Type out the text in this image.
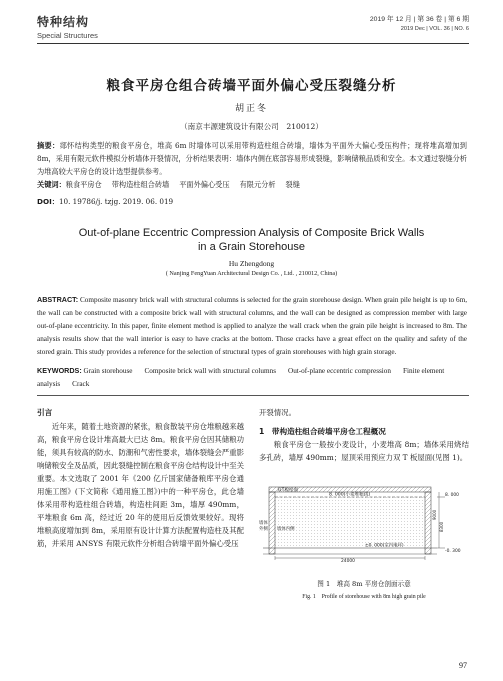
特种结构
Special Structures
2019 年 12 月 | 第 36 卷 | 第 6 期
2019 Dec | VOL. 36 | NO. 6
粮食平房仓组合砖墙平面外偏心受压裂缝分析
胡正冬
（南京丰源建筑设计有限公司　210012）
摘要：郯怀结构类型的粮食平房仓，堆高 6m 时墙体可以采用带构造柱组合砖墙，墙体为平面外大偏心受压构件；现将堆高增加到 8m，采用有限元软件模拟分析墙体开裂情况，分析结果表明：墙体内侧在底部容易形成裂缝，影响储粮品质和安全。本文通过裂缝分析为堆高较大平房仓的设计选型提供参考。
关键词：粮食平房仓 带构造柱组合砖墙 平面外偏心受压 有限元分析 裂缝
DOI：10. 19786/j. tzjg. 2019. 06. 019
Out-of-plane Eccentric Compression Analysis of Composite Brick Walls
in a Grain Storehouse
Hu Zhengdong
( Nanjing FengYuan Architectural Design Co. , Ltd. , 210012, China)
ABSTRACT: Composite masonry brick wall with structural columns is selected for the grain storehouse design. When grain pile height is up to 6m, the wall can be constructed with a composite brick wall with structural columns, and the wall can be designed as compression member with large out-of-plane eccentricity. In this paper, finite element method is applied to analyze the wall crack when the grain pile height is increased to 8m. The analysis results show that the wall interior is easy to have cracks at the bottom. Those cracks have a great effect on the quality and safety of the stored grain. This study provides a reference for the selection of structural types of grain storehouses with high grain storage.
KEYWORDS: Grain storehouse Composite brick wall with structural columns Out-of-plane eccentric compression Finite element analysis Crack
引言

近年来，随着土地资源的紧张，粮食散装平房仓堆粮越来越高，粮食平房仓设计堆高最大已达 8m。粮食平房仓因其储粮功能，须具有较高的防水、防潮和气密性要求，墙体裂缝会严重影响储粮安全及品质，因此裂缝控制在粮食平房仓结构设计中至关重要。本文选取了 2001 年《200 亿斤国家储备粮库平房仓通用施工图》(下文简称《通用施工图》)中的一种平房仓，此仓墙体采用带构造柱组合砖墙，构造柱间距 3m，墙厚 490mm，平堆粮食 6m 高，经过近 20 年的使用后反馈效果较好。现将堆粮高度增加到 8m，采用原有设计计算方法配置构造柱及其配筋，并采用 ANSYS 有限元软件分析组合砖墙平面外偏心受压

开裂情况。

1　带构造柱组合砖墙平房仓工程概况

粮食平房仓一般按小麦设计，小麦堆高 8m；墙体采用烧结多孔砖，墙厚 490mm；屋顶采用预应力双 T 板屋面(见图 1)。

双T板屋面
8. 000(小麦堆粮线)
墙体
外侧 墙体内侧
±0. 000(室内地坪)
24000
8. 000
-0. 300
9000
8300
图 1　堆高 8m 平房仓剖面示意
Fig. 1　Profile of storehouse with 8m high grain pile
97
